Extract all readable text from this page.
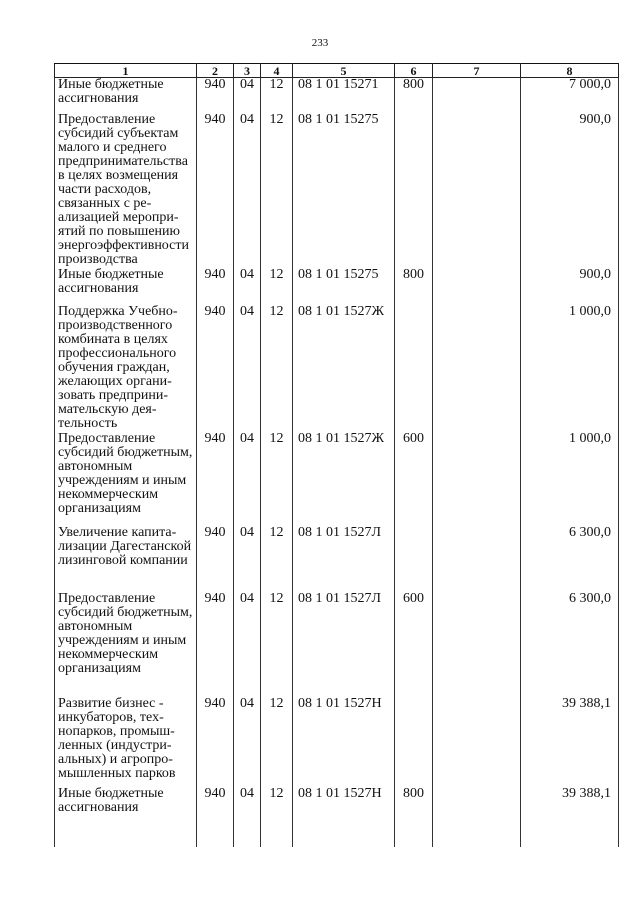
233
1	2	3	4	5	6	7	8

Иные бюджетные ассигнования	940	04	12	08 1 01 15271	800		7 000,0

Предоставление субсидий субъектам малого и среднего предпринимательства в целях возмещения части расходов, связанных с реализацией мероприятий по повышению энергоэффективности производства	940	04	12	08 1 01 15275			900,0

Иные бюджетные ассигнования	940	04	12	08 1 01 15275	800		900,0

Поддержка Учебно-производственного комбината в целях профессионального обучения граждан, желающих организовать предпринимательскую деятельность	940	04	12	08 1 01 1527Ж			1 000,0

Предоставление субсидий бюджетным, автономным учреждениям и иным некоммерческим организациям	940	04	12	08 1 01 1527Ж	600		1 000,0

Увеличение капитализации Дагестанской лизинговой компании	940	04	12	08 1 01 1527Л			6 300,0

Предоставление субсидий бюджетным, автономным учреждениям и иным некоммерческим организациям	940	04	12	08 1 01 1527Л	600		6 300,0

Развитие бизнес - инкубаторов, технопарков, промышленных (индустриальных) и агропромышленных парков	940	04	12	08 1 01 1527Н			39 388,1

Иные бюджетные ассигнования	940	04	12	08 1 01 1527Н	800		39 388,1
